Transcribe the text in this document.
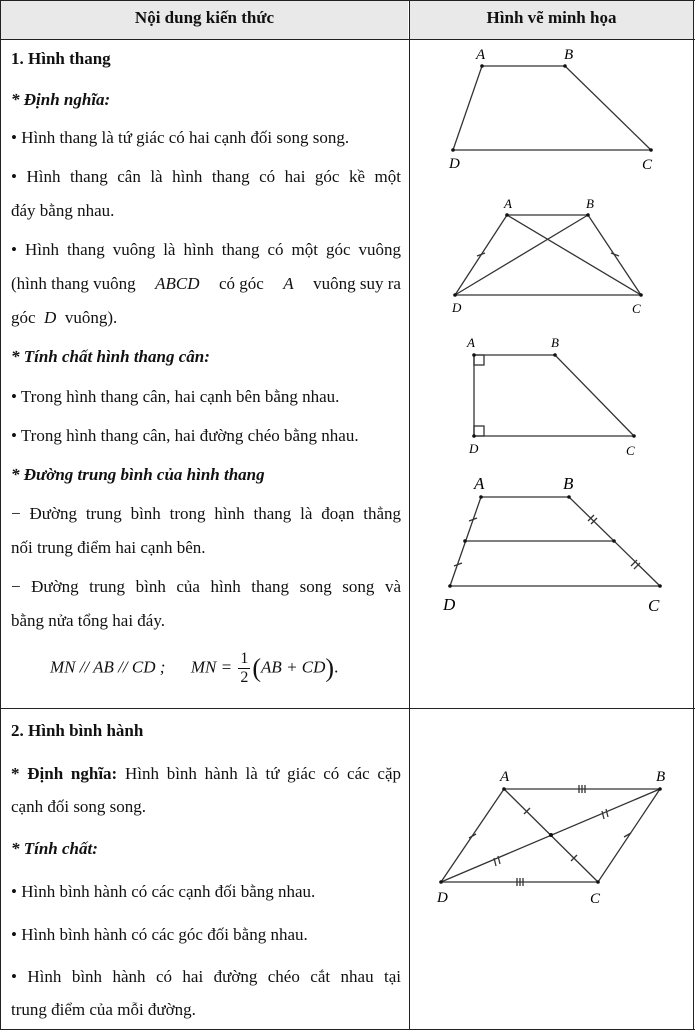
Nội dung kiến thức	Hình vẽ minh họa
1. Hình thang
* Định nghĩa:
• Hình thang là tứ giác có hai cạnh đối song song.
• Hình thang cân là hình thang có hai góc kề một
đáy bằng nhau.
• Hình thang vuông là hình thang có một góc vuông
(hình thang vuông ABCD có góc A vuông suy ra
góc D vuông).
* Tính chất hình thang cân:
• Trong hình thang cân, hai cạnh bên bằng nhau.
• Trong hình thang cân, hai đường chéo bằng nhau.
* Đường trung bình của hình thang
− Đường trung bình trong hình thang là đoạn thẳng
nối trung điểm hai cạnh bên.
− Đường trung bình của hình thang song song và
bằng nửa tổng hai đáy.
MN // AB // CD ; MN = $\frac{1}{2} (AB + CD)$.
2. Hình bình hành
* Định nghĩa: Hình bình hành là tứ giác có các cặp
cạnh đối song song.
* Tính chất:
• Hình bình hành có các cạnh đối bằng nhau.
• Hình bình hành có các góc đối bằng nhau.
• Hình bình hành có hai đường chéo cắt nhau tại
trung điểm của mỗi đường.
A	B
D	C
A	B
D	C
A	B
D	C
A	B
D	C
A	B
D	C
